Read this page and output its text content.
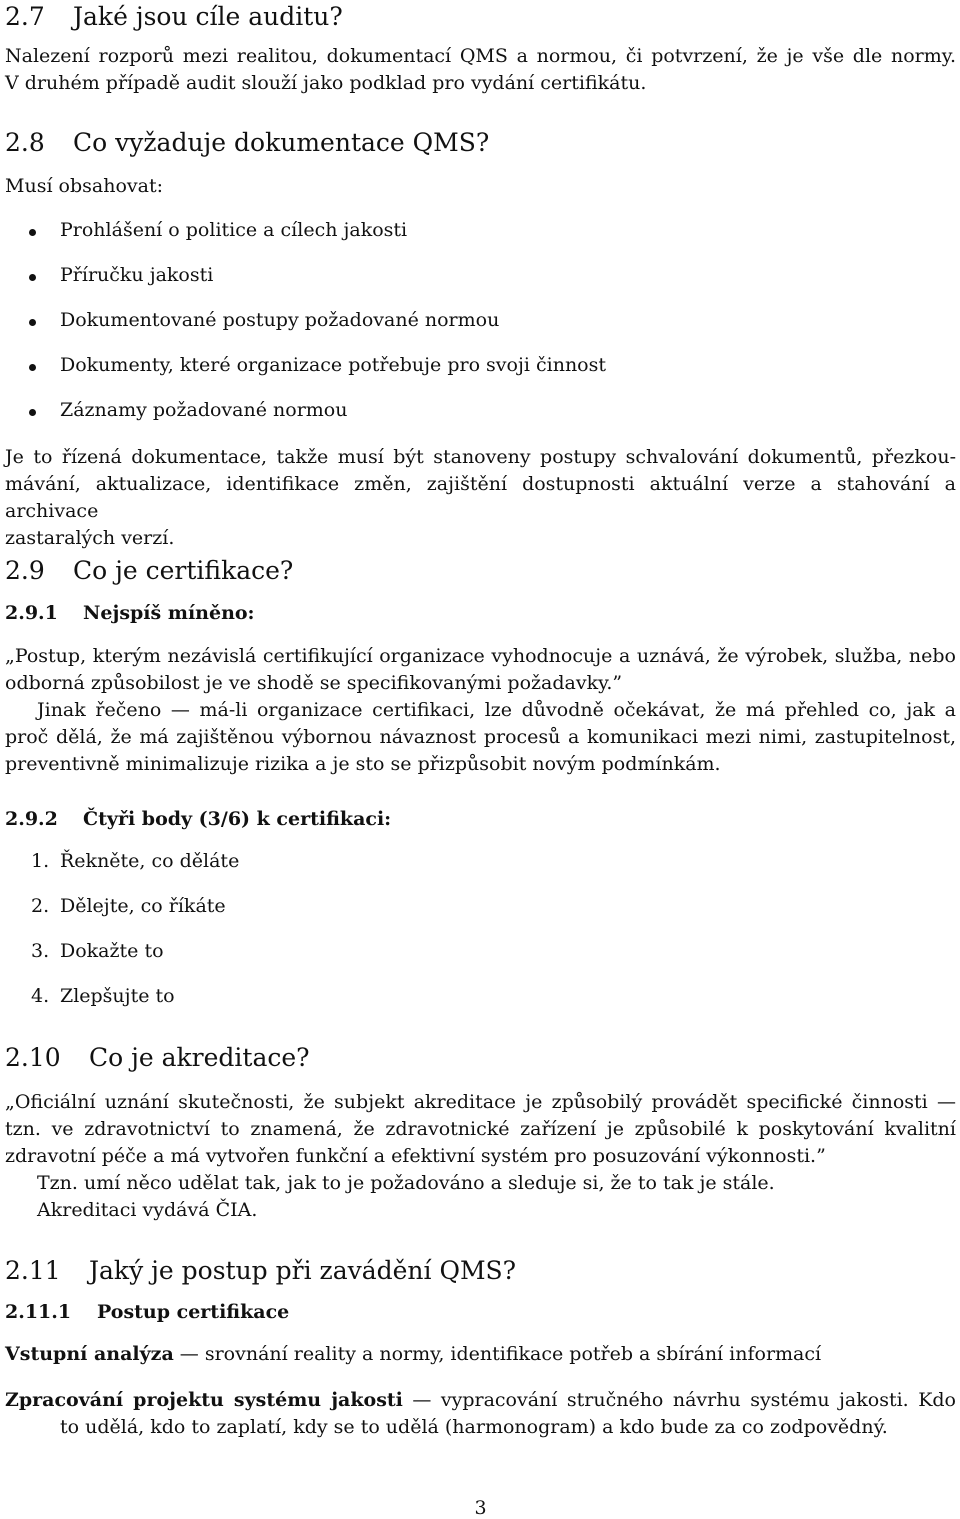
2.7 Jaké jsou cíle auditu?
Nalezení rozporů mezi realitou, dokumentací QMS a normou, či potvrzení, že je vše dle normy.
V druhém případě audit slouží jako podklad pro vydání certifikátu.
2.8 Co vyžaduje dokumentace QMS?
Musí obsahovat:
Prohlášení o politice a cílech jakosti
Příručku jakosti
Dokumentované postupy požadované normou
Dokumenty, které organizace potřebuje pro svoji činnost
Záznamy požadované normou
Je to řízená dokumentace, takže musí být stanoveny postupy schvalování dokumentů, přezkou-
mávání, aktualizace, identifikace změn, zajištění dostupnosti aktuální verze a stahování a archivace
zastaralých verzí.
2.9 Co je certifikace?
2.9.1 Nejspíš míněno:
„Postup, kterým nezávislá certifikující organizace vyhodnocuje a uznává, že výrobek, služba, nebo
odborná způsobilost je ve shodě se specifikovanými požadavky.”
Jinak řečeno — má-li organizace certifikaci, lze důvodně očekávat, že má přehled co, jak a
proč dělá, že má zajištěnou výbornou návaznost procesů a komunikaci mezi nimi, zastupitelnost,
preventivně minimalizuje rizika a je sto se přizpůsobit novým podmínkám.
2.9.2 Čtyři body (3/6) k certifikaci:
1. Řekněte, co děláte
2. Dělejte, co říkáte
3. Dokažte to
4. Zlepšujte to
2.10 Co je akreditace?
„Oficiální uznání skutečnosti, že subjekt akreditace je způsobilý provádět specifické činnosti —
tzn. ve zdravotnictví to znamená, že zdravotnické zařízení je způsobilé k poskytování kvalitní
zdravotní péče a má vytvořen funkční a efektivní systém pro posuzování výkonnosti.”
Tzn. umí něco udělat tak, jak to je požadováno a sleduje si, že to tak je stále.
Akreditaci vydává ČIA.
2.11 Jaký je postup při zavádění QMS?
2.11.1 Postup certifikace
Vstupní analýza — srovnání reality a normy, identifikace potřeb a sbírání informací
Zpracování projektu systému jakosti — vypracování stručného návrhu systému jakosti. Kdo
to udělá, kdo to zaplatí, kdy se to udělá (harmonogram) a kdo bude za co zodpovědný.
3
